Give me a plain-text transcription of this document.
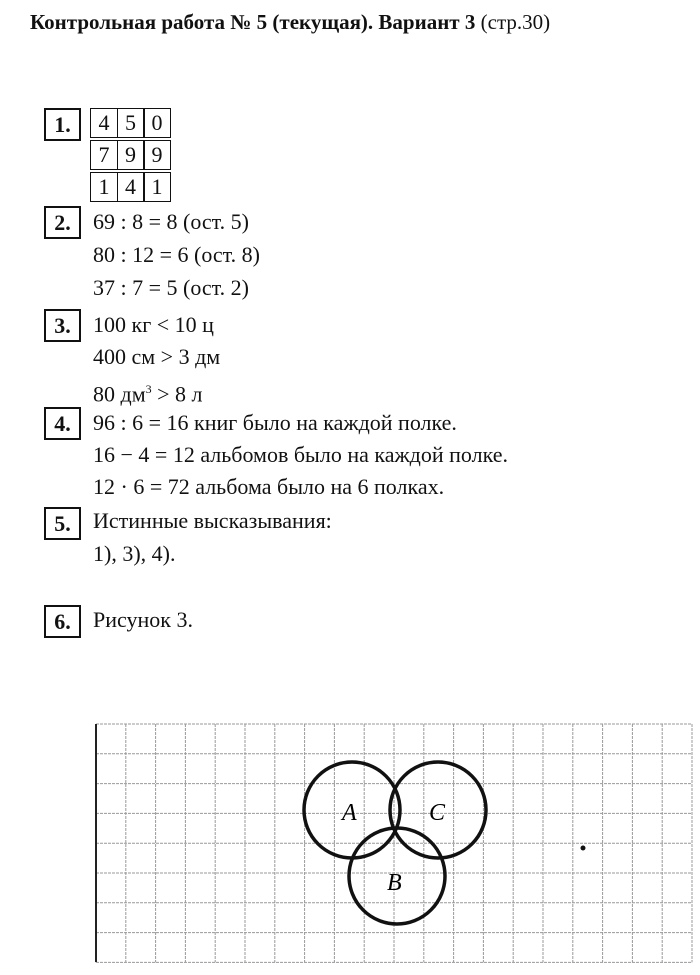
Контрольная работа № 5 (текущая). Вариант 3 (стр.30)
1.	4 5 0
7 9 9
1 4 1
2.	69 : 8 = 8 (ост. 5)
80 : 12 = 6 (ост. 8)
37 : 7 = 5 (ост. 2)
3.	100 кг < 10 ц
400 см > 3 дм
80 $дм^3 > 8$ л
4.	96 : 6 = 16 книг было на каждой полке.
16 − 4 = 12 альбомов было на каждой полке.
12 · 6 = 72 альбома было на 6 полках.
5.	Истинные высказывания:
1), 3), 4).
6.	Рисунок 3.
A
B
C
